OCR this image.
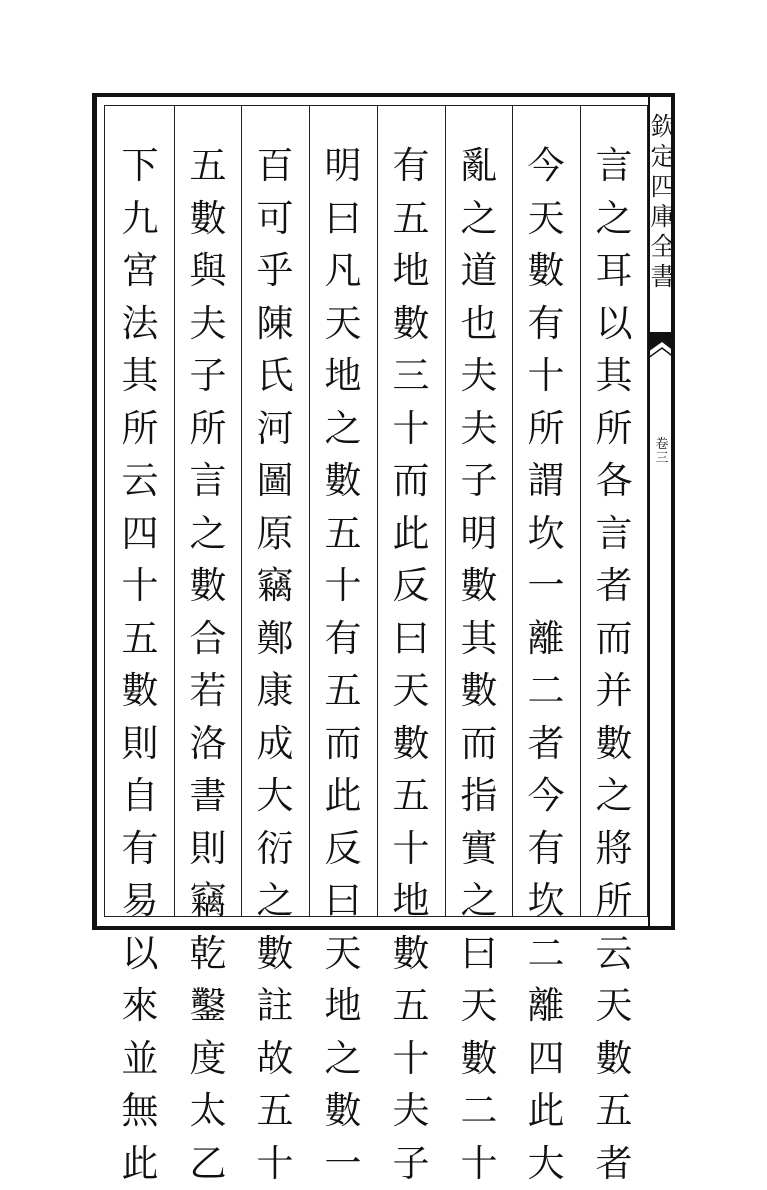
言
之
耳
以
其
所
各
言
者
而
并
數
之
將
所
云
天
數
五
者
今
天
數
有
十
所
謂
坎
一
離
二
者
今
有
坎
二
離
四
此
大
亂
之
道
也
夫
夫
子
明
數
其
數
而
指
實
之
曰
天
數
二
十
有
五
地
數
三
十
而
此
反
曰
天
數
五
十
地
數
五
十
夫
子
明
曰
凡
天
地
之
數
五
十
有
五
而
此
反
曰
天
地
之
數
一
百
可
乎
陳
氏
河
圖
原
竊
鄭
康
成
大
衍
之
數
註
故
五
十
五
數
與
夫
子
所
言
之
數
合
若
洛
書
則
竊
乾
鑿
度
太
乙
下
九
宮
法
其
所
云
四
十
五
數
則
自
有
易
以
來
並
無
此
欽
定
四
庫
全
書
卷
三
